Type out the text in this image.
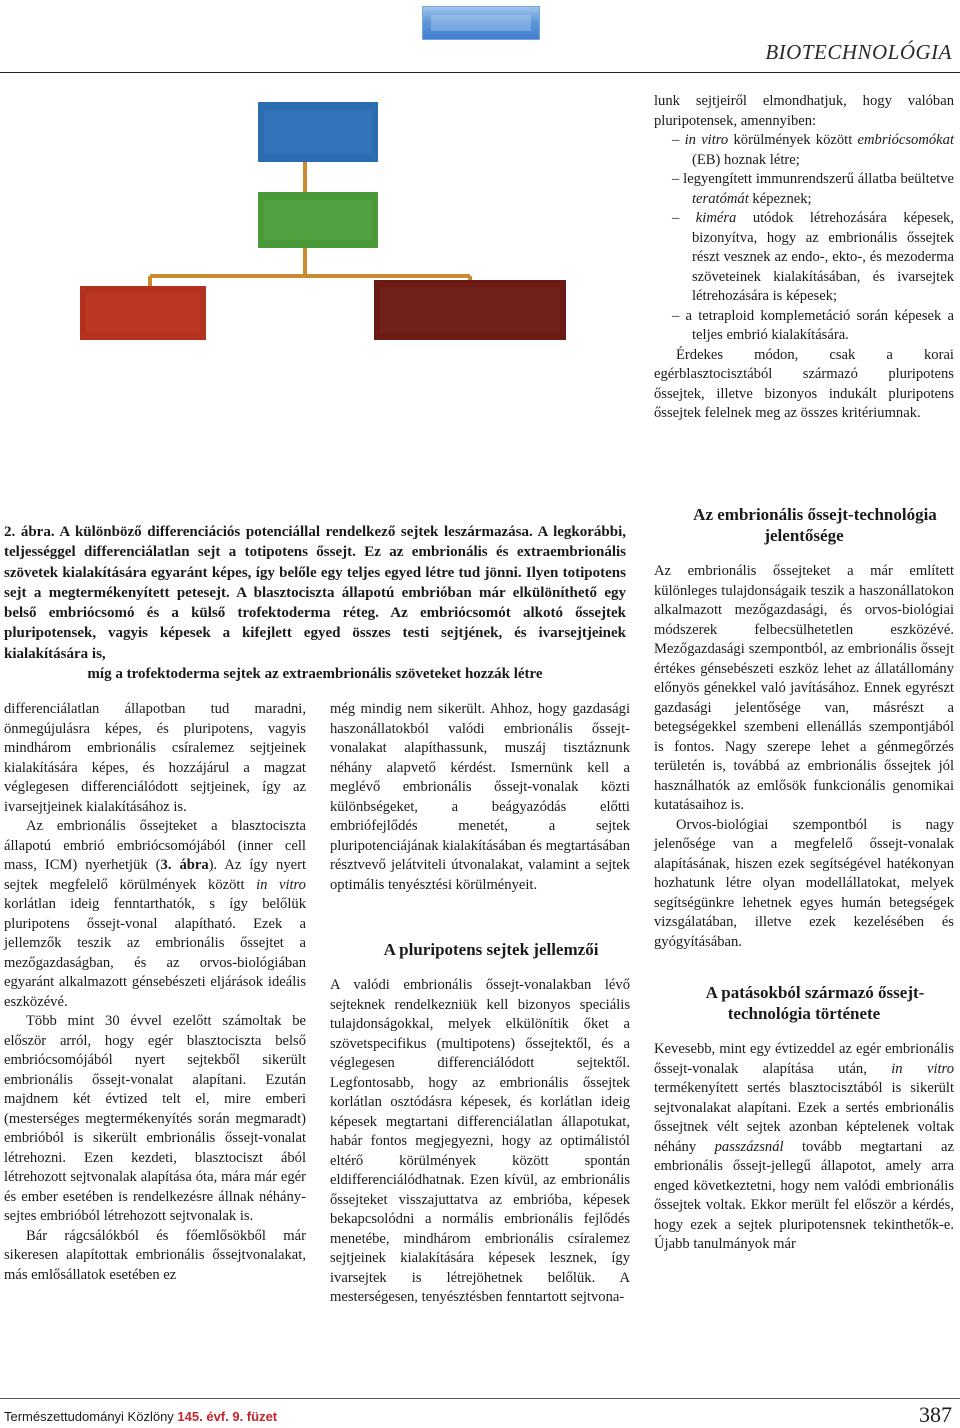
BIOTECHNOLÓGIA

lunk sejtjeiről elmondhatjuk, hogy valóban pluripotensek, amennyiben:

– in vitro körülmények között embriócsomókat (EB) hoznak létre;
– legyengített immunrendszerű állatba beültetve teratómát képeznek;
– kiméra utódok létrehozására képesek, bizonyítva, hogy az embrionális őssejtek részt vesznek az endo-, ekto-, és mezoderma szöveteinek kialakításában, és ivarsejtek létrehozására is képesek;
– a tetraploid komplemetáció során képesek a teljes embrió kialakítására.

Érdekes módon, csak a korai egérblasztocisztából származó pluripotens őssejtek, illetve bizonyos indukált pluripotens őssejtek felelnek meg az összes kritériumnak.

2. ábra. A különböző differenciációs potenciállal rendelkező sejtek leszármazása. A legkorábbi, teljességgel differenciálatlan sejt a totipotens őssejt. Ez az embrionális és extraembrionális szövetek kialakítására egyaránt képes, így belőle egy teljes egyed létre tud jönni. Ilyen totipotens sejt a megtermékenyített petesejt. A blasztociszta állapotú embrióban már elkülöníthető egy belső embriócsomó és a külső trofektoderma réteg. Az embriócsomót alkotó őssejtek pluripotensek, vagyis képesek a kifejlett egyed összes testi sejtjének, és ivarsejtjeinek kialakítására is,
míg a trofektoderma sejtek az extraembrionális szöveteket hozzák létre

differenciálatlan állapotban tud maradni, önmegújulásra képes, és pluripotens, vagyis mindhárom embrionális csíralemez sejtjeinek kialakítására képes, és hozzájárul a magzat véglegesen differenciálódott sejtjeinek, így az ivarsejtjeinek kialakításához is.

Az embrionális őssejteket a blasztociszta állapotú embrió embriócsomójából (inner cell mass, ICM) nyerhetjük (3. ábra). Az így nyert sejtek megfelelő körülmények között in vitro korlátlan ideig fenntarthatók, s így belőlük pluripotens őssejt-vonal alapítható. Ezek a jellemzők teszik az embrionális őssejtet a mezőgazdaságban, és az orvos-biológiában egyaránt alkalmazott génsebészeti eljárások ideális eszközévé.

Több mint 30 évvel ezelőtt számoltak be először arról, hogy egér blasztociszta belső embriócsomójából nyert sejtekből sikerült embrionális őssejt-vonalat alapítani. Ezután majdnem két évtized telt el, mire emberi (mesterséges megtermékenyítés során megmaradt) embrióból is sikerült embrionális őssejt-vonalat létrehozni. Ezen kezdeti, blasztociszt ából létrehozott sejtvonalak alapítása óta, mára már egér és ember esetében is rendelkezésre állnak néhány-sejtes embrióból létrehozott sejtvonalak is.

Bár rágcsálókból és főemlősökből már sikeresen alapítottak embrionális őssejtvonalakat, más emlősállatok esetében ez

még mindig nem sikerült. Ahhoz, hogy gazdasági haszonállatokból valódi embrionális őssejt-vonalakat alapíthassunk, muszáj tisztáznunk néhány alapvető kérdést. Ismernünk kell a meglévő embrionális őssejt-vonalak közti különbségeket, a beágyazódás előtti embriófejlődés menetét, a sejtek pluripotenciájának kialakításában és megtartásában résztvevő jelátviteli útvonalakat, valamint a sejtek optimális tenyésztési körülményeit.

A pluripotens sejtek jellemzői

A valódi embrionális őssejt-vonalakban lévő sejteknek rendelkezniük kell bizonyos speciális tulajdonságokkal, melyek elkülönítik őket a szövetspecifikus (multipotens) őssejtektől, és a véglegesen differenciálódott sejtektől. Legfontosabb, hogy az embrionális őssejtek korlátlan osztódásra képesek, és korlátlan ideig képesek megtartani differenciálatlan állapotukat, habár fontos megjegyezni, hogy az optimálistól eltérő körülmények között spontán eldifferenciálódhatnak. Ezen kívül, az embrionális őssejteket visszajuttatva az embrióba, képesek bekapcsolódni a normális embrionális fejlődés menetébe, mindhárom embrionális csíralemez sejtjeinek kialakítására képesek lesznek, így ivarsejtek is létrejöhetnek belőlük. A mesterségesen, tenyésztésben fenntartott sejtvona-

Az embrionális őssejt-technológia jelentősége

Az embrionális őssejteket a már említett különleges tulajdonságaik teszik a haszonállatokon alkalmazott mezőgazdasági, és orvos-biológiai módszerek felbecsülhetetlen eszközévé. Mezőgazdasági szempontból, az embrionális őssejt értékes génsebészeti eszköz lehet az állatállomány előnyös génekkel való javításához. Ennek egyrészt gazdasági jelentősége van, másrészt a betegségekkel szembeni ellenállás szempontjából is fontos. Nagy szerepe lehet a génmegőrzés területén is, továbbá az embrionális őssejtek jól használhatók az emlősök funkcionális genomikai kutatásaihoz is.

Orvos-biológiai szempontból is nagy jelenősége van a megfelelő őssejt-vonalak alapításának, hiszen ezek segítségével hatékonyan hozhatunk létre olyan modellállatokat, melyek segítségünkre lehetnek egyes humán betegségek vizsgálatában, illetve ezek kezelésében és gyógyításában.

A patásokból származó őssejt-technológia története

Kevesebb, mint egy évtizeddel az egér embrionális őssejt-vonalak alapítása után, in vitro termékenyített sertés blasztocisztából is sikerült sejtvonalakat alapítani. Ezek a sertés embrionális őssejtnek vélt sejtek azonban képtelenek voltak néhány passzázsnál tovább megtartani az embrionális őssejt-jellegű állapotot, amely arra enged következtetni, hogy nem valódi embrionális őssejtek voltak. Ekkor merült fel először a kérdés, hogy ezek a sejtek pluripotensnek tekinthetők-e. Újabb tanulmányok már

Természettudományi Közlöny 145. évf. 9. füzet	387
